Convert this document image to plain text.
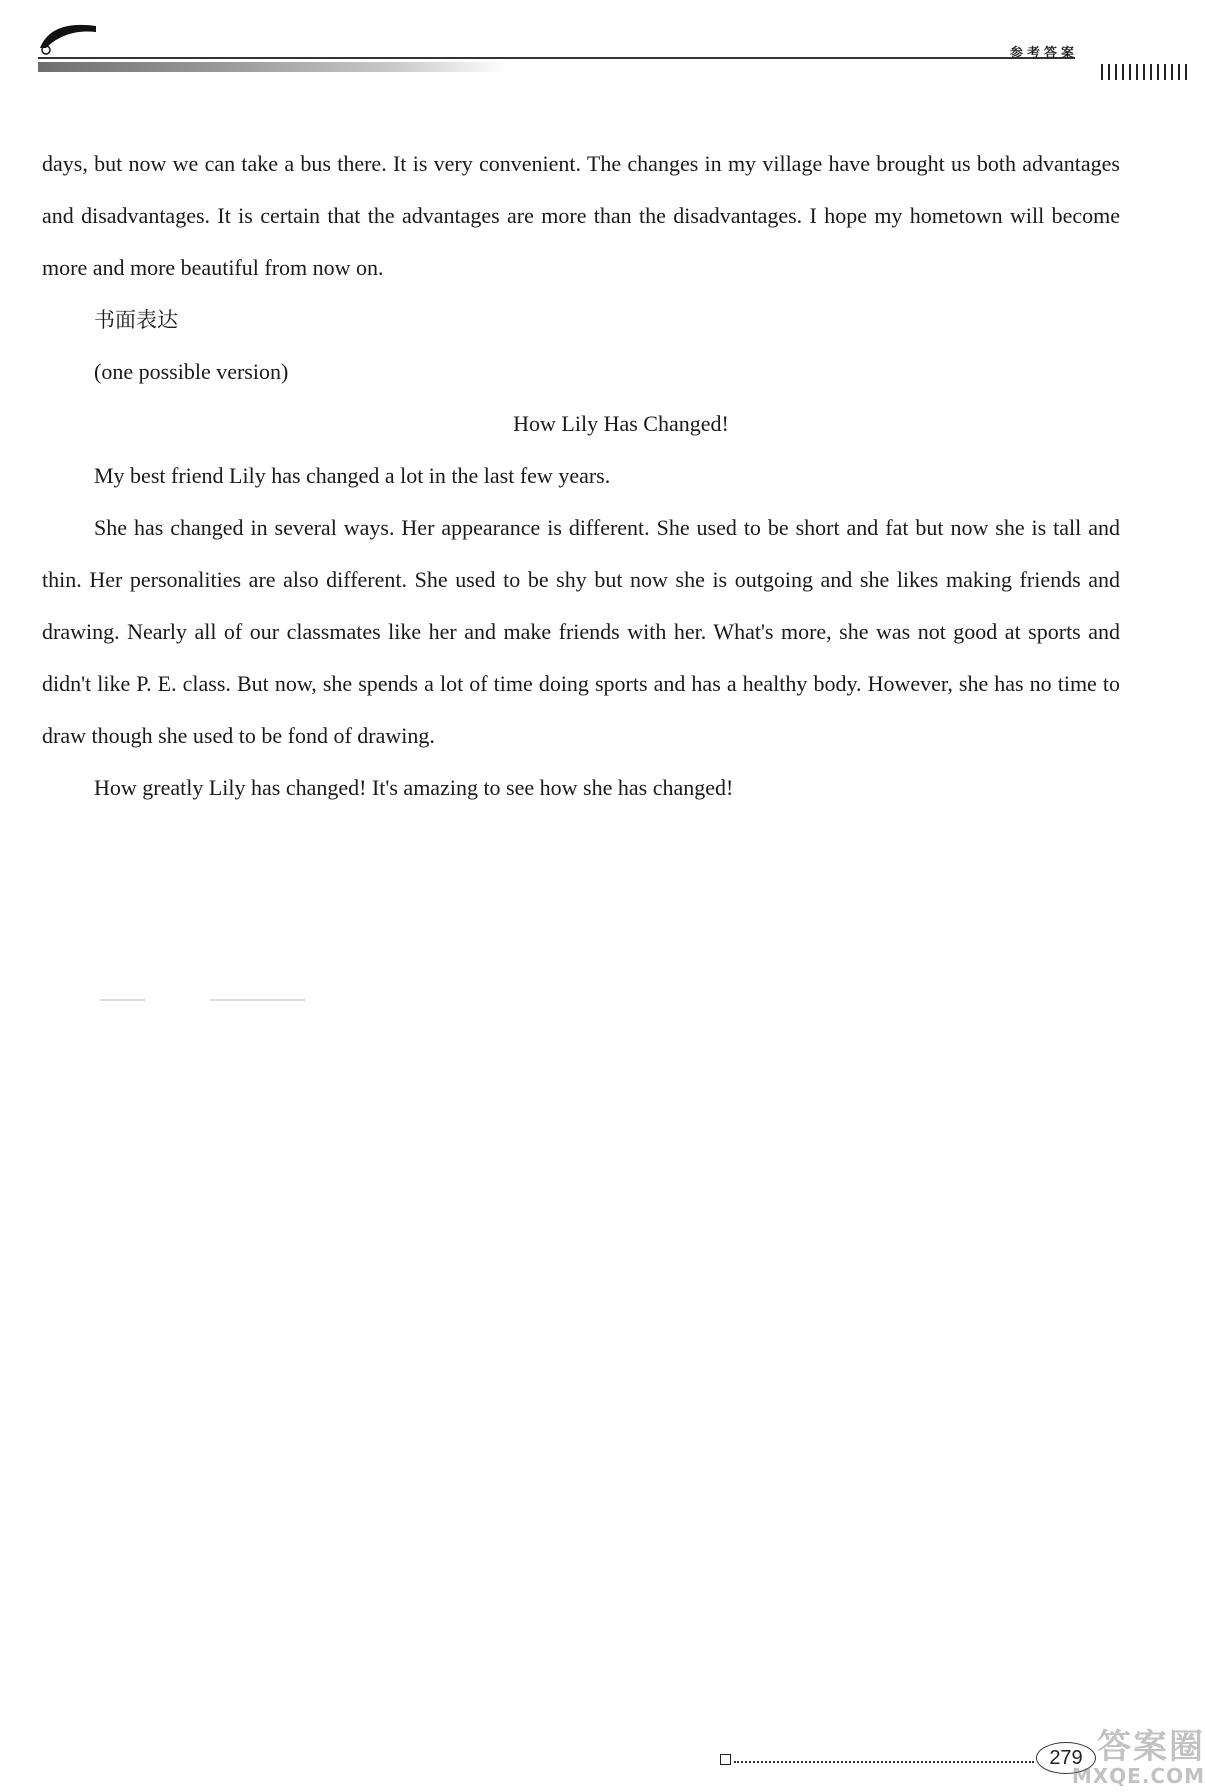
参考答案

days, but now we can take a bus there. It is very convenient. The changes in my village have brought us both advantages and disadvantages. It is certain that the advantages are more than the disadvantages. I hope my hometown will become more and more beautiful from now on.

书面表达

(one possible version)

How Lily Has Changed!

My best friend Lily has changed a lot in the last few years.

She has changed in several ways. Her appearance is different. She used to be short and fat but now she is tall and thin. Her personalities are also different. She used to be shy but now she is outgoing and she likes making friends and drawing. Nearly all of our classmates like her and make friends with her. What's more, she was not good at sports and didn't like P. E. class. But now, she spends a lot of time doing sports and has a healthy body. However, she has no time to draw though she used to be fond of drawing.

How greatly Lily has changed! It's amazing to see how she has changed!

279 答案圈
MXQE.COM
